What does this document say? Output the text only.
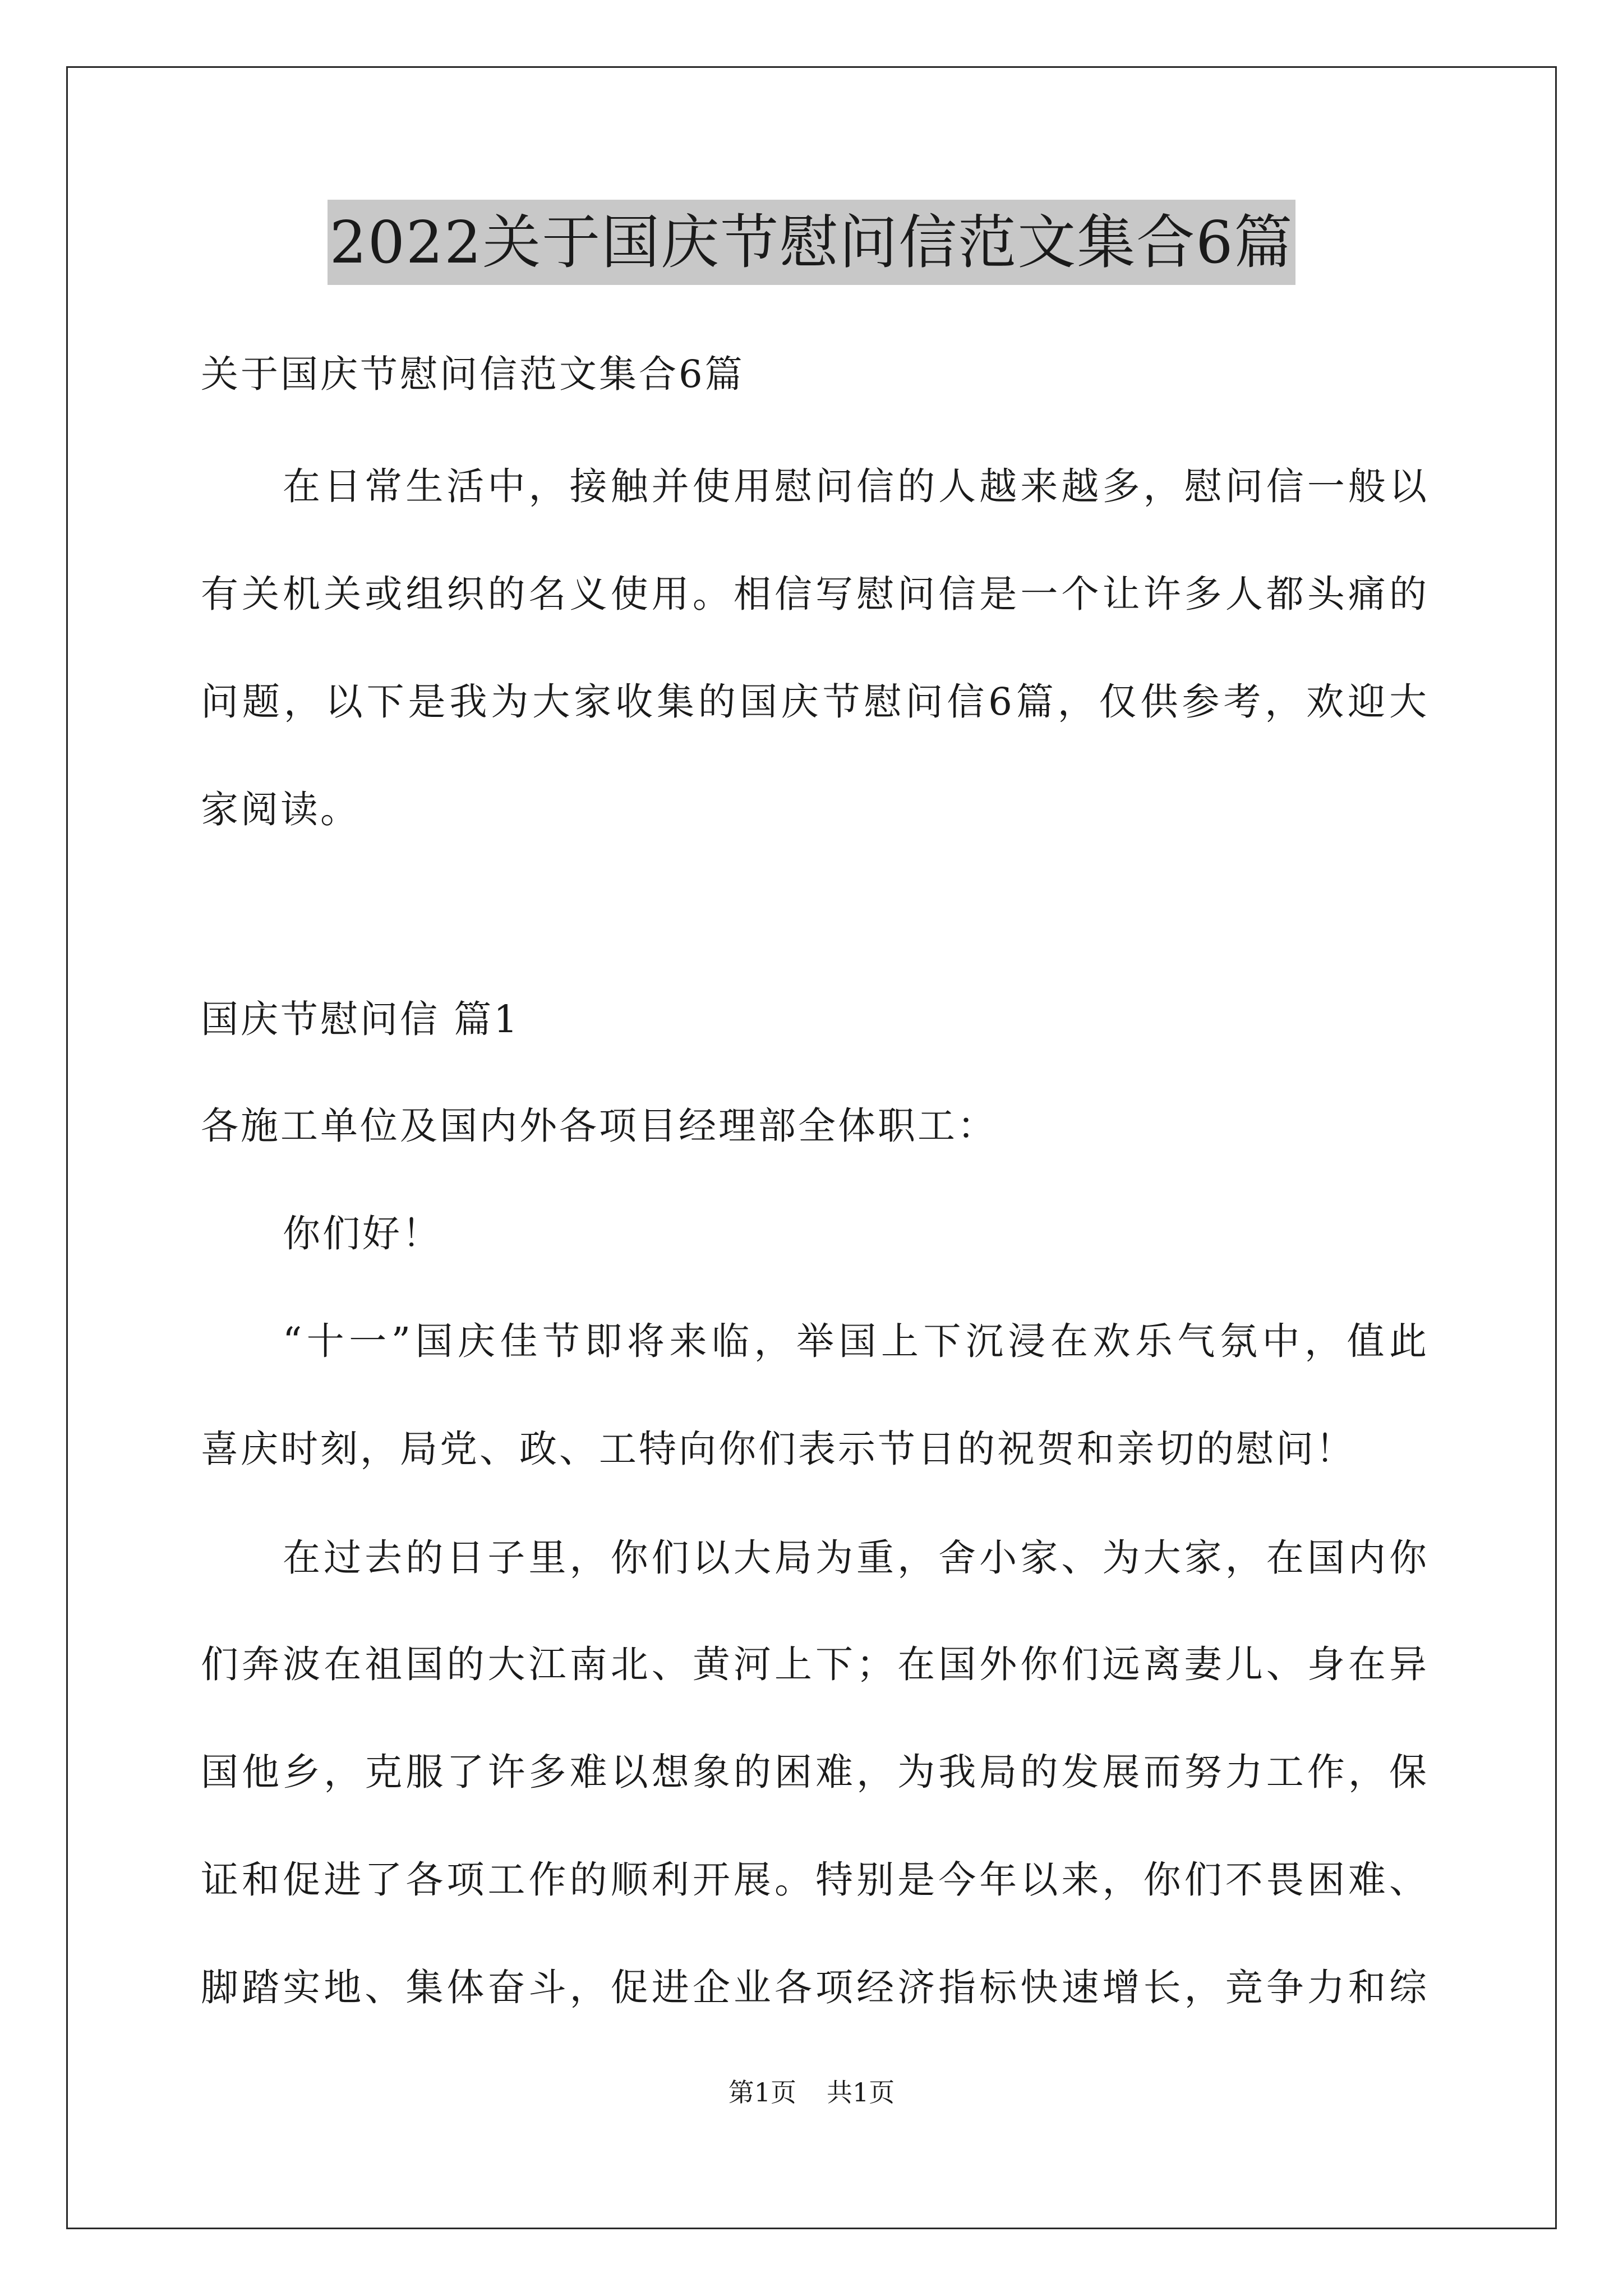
2022关于国庆节慰问信范文集合6篇
关于国庆节慰问信范文集合6篇
在日常生活中，接触并使用慰问信的人越来越多，慰问信一般以
有关机关或组织的名义使用。相信写慰问信是一个让许多人都头痛的
问题，以下是我为大家收集的国庆节慰问信6篇，仅供参考，欢迎大
家阅读。
国庆节慰问信 篇1
各施工单位及国内外各项目经理部全体职工：
你们好！
“十一”国庆佳节即将来临，举国上下沉浸在欢乐气氛中，值此
喜庆时刻，局党、政、工特向你们表示节日的祝贺和亲切的慰问！
在过去的日子里，你们以大局为重，舍小家、为大家，在国内你
们奔波在祖国的大江南北、黄河上下；在国外你们远离妻儿、身在异
国他乡，克服了许多难以想象的困难，为我局的发展而努力工作，保
证和促进了各项工作的顺利开展。特别是今年以来，你们不畏困难、
脚踏实地、集体奋斗，促进企业各项经济指标快速增长，竞争力和综
第1页 共1页
